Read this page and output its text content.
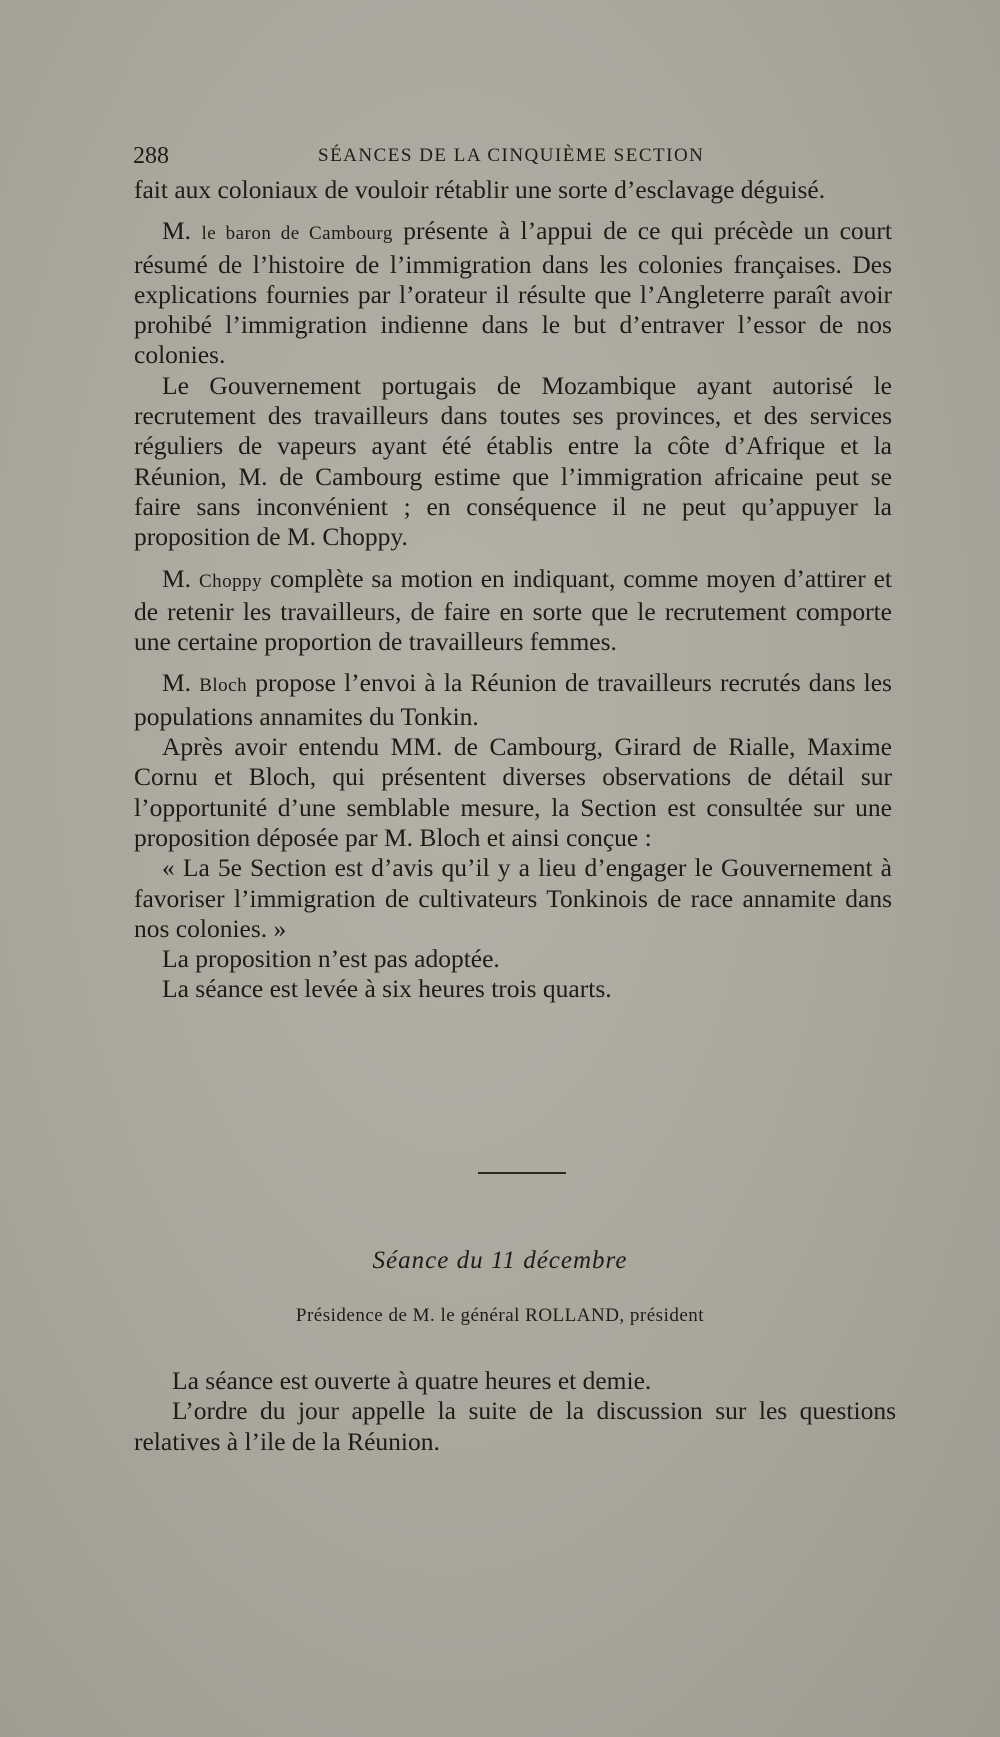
288	SÉANCES DE LA CINQUIÈME SECTION

fait aux coloniaux de vouloir rétablir une sorte d’esclavage déguisé.

M. le baron de Cambourg présente à l’appui de ce qui précède un court résumé de l’histoire de l’immigration dans les colonies françaises. Des explications fournies par l’orateur il résulte que l’Angleterre paraît avoir prohibé l’immigration indienne dans le but d’entraver l’essor de nos colonies.

Le Gouvernement portugais de Mozambique ayant autorisé le recrutement des travailleurs dans toutes ses provinces, et des services réguliers de vapeurs ayant été établis entre la côte d’Afrique et la Réunion, M. de Cambourg estime que l’immigration africaine peut se faire sans inconvénient ; en conséquence il ne peut qu’appuyer la proposition de M. Choppy.

M. Choppy complète sa motion en indiquant, comme moyen d’attirer et de retenir les travailleurs, de faire en sorte que le recrutement comporte une certaine proportion de travailleurs femmes.

M. Bloch propose l’envoi à la Réunion de travailleurs recrutés dans les populations annamites du Tonkin.

Après avoir entendu MM. de Cambourg, Girard de Rialle, Maxime Cornu et Bloch, qui présentent diverses observations de détail sur l’opportunité d’une semblable mesure, la Section est consultée sur une proposition déposée par M. Bloch et ainsi conçue :

« La 5e Section est d’avis qu’il y a lieu d’engager le Gouvernement à favoriser l’immigration de cultivateurs Tonkinois de race annamite dans nos colonies. »

La proposition n’est pas adoptée.

La séance est levée à six heures trois quarts.

Séance du 11 décembre
Présidence de M. le général ROLLAND, président

La séance est ouverte à quatre heures et demie.

L’ordre du jour appelle la suite de la discussion sur les questions relatives à l’ile de la Réunion.
